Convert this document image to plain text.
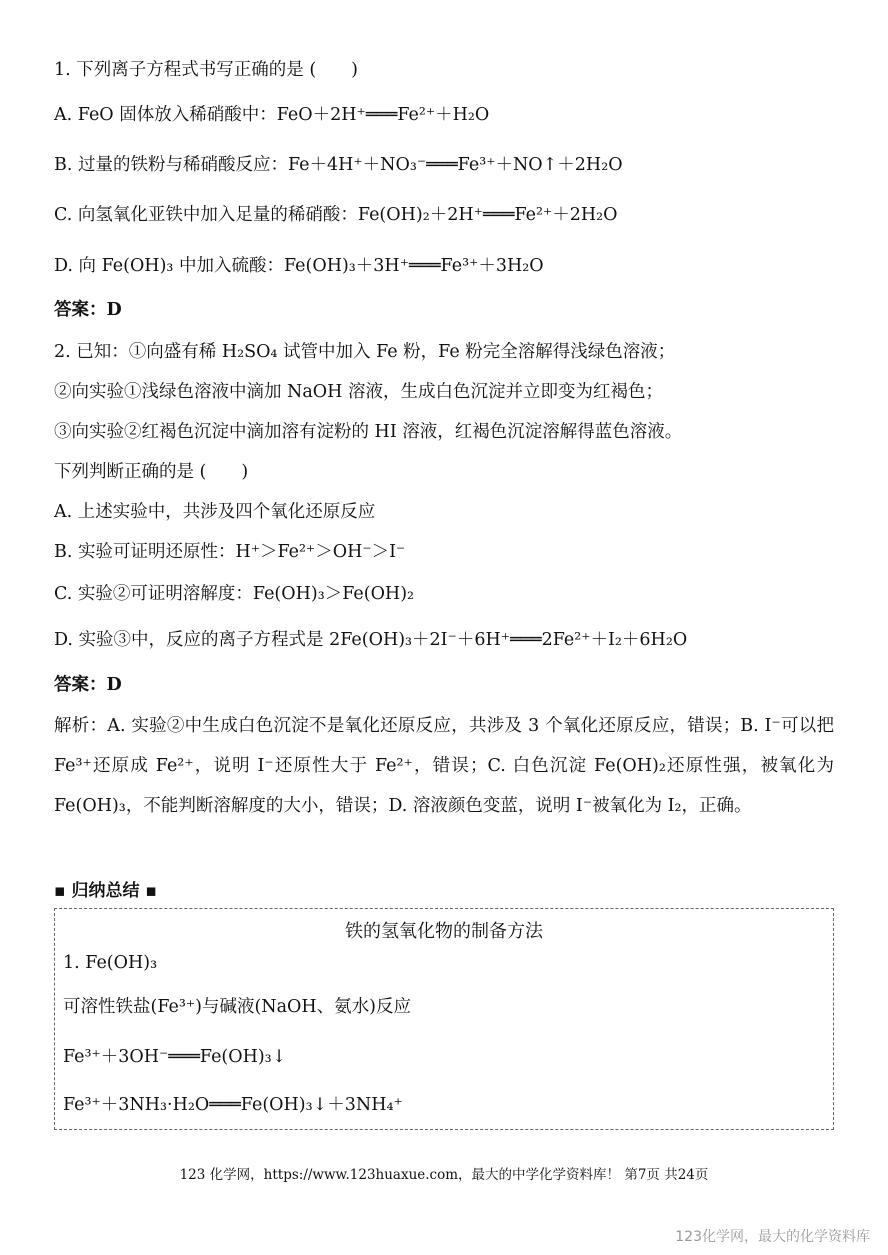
1. 下列离子方程式书写正确的是 (　　)
A. FeO 固体放入稀硝酸中：FeO＋2H⁺═══Fe²⁺＋H₂O
B. 过量的铁粉与稀硝酸反应：Fe＋4H⁺＋NO₃⁻═══Fe³⁺＋NO↑＋2H₂O
C. 向氢氧化亚铁中加入足量的稀硝酸：Fe(OH)₂＋2H⁺═══Fe²⁺＋2H₂O
D. 向 Fe(OH)₃ 中加入硫酸：Fe(OH)₃＋3H⁺═══Fe³⁺＋3H₂O
答案：D
2. 已知：①向盛有稀 H₂SO₄ 试管中加入 Fe 粉，Fe 粉完全溶解得浅绿色溶液；
②向实验①浅绿色溶液中滴加 NaOH 溶液，生成白色沉淀并立即变为红褐色；
③向实验②红褐色沉淀中滴加溶有淀粉的 HI 溶液，红褐色沉淀溶解得蓝色溶液。
下列判断正确的是 (　　)
A. 上述实验中，共涉及四个氧化还原反应
B. 实验可证明还原性：H⁺＞Fe²⁺＞OH⁻＞I⁻
C. 实验②可证明溶解度：Fe(OH)₃＞Fe(OH)₂
D. 实验③中，反应的离子方程式是 2Fe(OH)₃＋2I⁻＋6H⁺═══2Fe²⁺＋I₂＋6H₂O
答案：D
解析：A. 实验②中生成白色沉淀不是氧化还原反应，共涉及 3 个氧化还原反应，错误；B. I⁻可以把 Fe³⁺还原成 Fe²⁺，说明 I⁻还原性大于 Fe²⁺，错误；C. 白色沉淀 Fe(OH)₂还原性强，被氧化为 Fe(OH)₃，不能判断溶解度的大小，错误；D. 溶液颜色变蓝，说明 I⁻被氧化为 I₂，正确。
▪ 归纳总结 ▪
铁的氢氧化物的制备方法
1. Fe(OH)₃
可溶性铁盐(Fe³⁺)与碱液(NaOH、氨水)反应
Fe³⁺＋3OH⁻═══Fe(OH)₃↓
Fe³⁺＋3NH₃·H₂O═══Fe(OH)₃↓＋3NH₄⁺
123 化学网，https://www.123huaxue.com，最大的中学化学资料库！ 第7页 共24页
123化学网，最大的化学资料库
